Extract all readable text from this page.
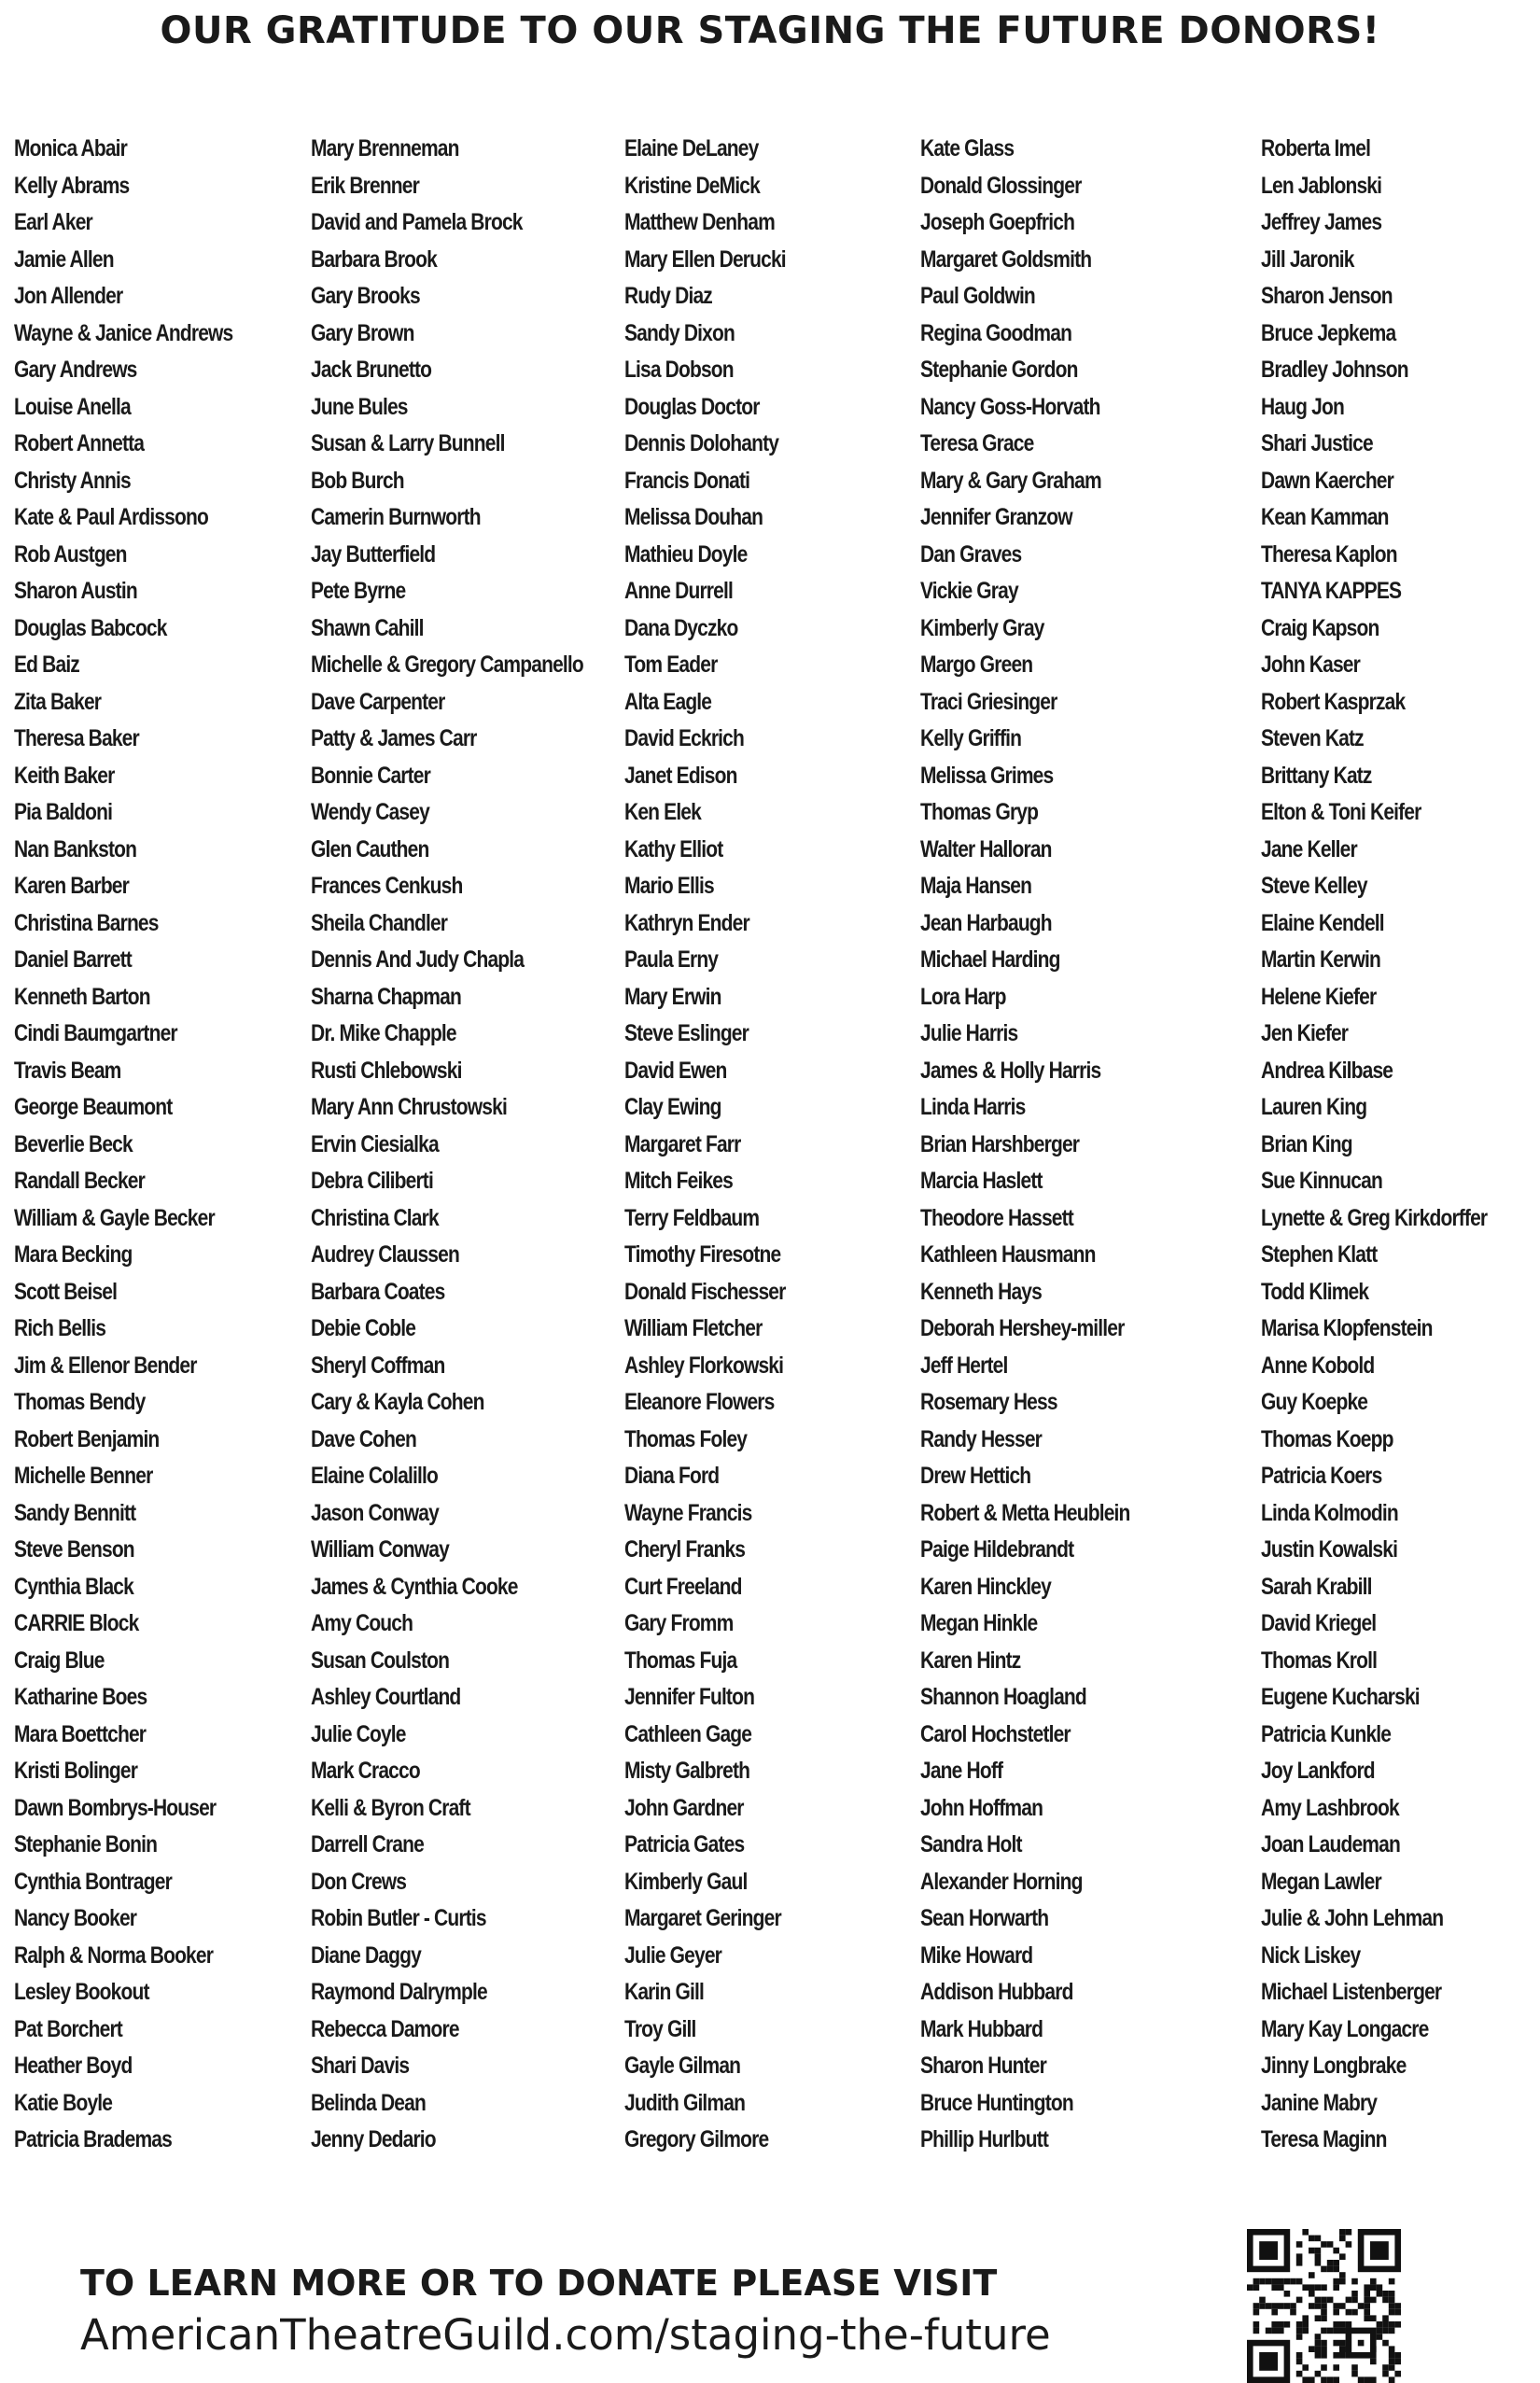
OUR GRATITUDE TO OUR STAGING THE FUTURE DONORS!
Monica Abair
Kelly Abrams
Earl Aker
Jamie Allen
Jon Allender
Wayne & Janice Andrews
Gary Andrews
Louise Anella
Robert Annetta
Christy Annis
Kate & Paul Ardissono
Rob Austgen
Sharon Austin
Douglas Babcock
Ed Baiz
Zita Baker
Theresa Baker
Keith Baker
Pia Baldoni
Nan Bankston
Karen Barber
Christina Barnes
Daniel Barrett
Kenneth Barton
Cindi Baumgartner
Travis Beam
George Beaumont
Beverlie Beck
Randall Becker
William & Gayle Becker
Mara Becking
Scott Beisel
Rich Bellis
Jim & Ellenor Bender
Thomas Bendy
Robert Benjamin
Michelle Benner
Sandy Bennitt
Steve Benson
Cynthia Black
CARRIE Block
Craig Blue
Katharine Boes
Mara Boettcher
Kristi Bolinger
Dawn Bombrys-Houser
Stephanie Bonin
Cynthia Bontrager
Nancy Booker
Ralph & Norma Booker
Lesley Bookout
Pat Borchert
Heather Boyd
Katie Boyle
Patricia Brademas
Mary Brenneman
Erik Brenner
David and Pamela Brock
Barbara Brook
Gary Brooks
Gary Brown
Jack Brunetto
June Bules
Susan & Larry Bunnell
Bob Burch
Camerin Burnworth
Jay Butterfield
Pete Byrne
Shawn Cahill
Michelle & Gregory Campanello
Dave Carpenter
Patty & James Carr
Bonnie Carter
Wendy Casey
Glen Cauthen
Frances Cenkush
Sheila Chandler
Dennis And Judy Chapla
Sharna Chapman
Dr. Mike Chapple
Rusti Chlebowski
Mary Ann Chrustowski
Ervin Ciesialka
Debra Ciliberti
Christina Clark
Audrey Claussen
Barbara Coates
Debie Coble
Sheryl Coffman
Cary & Kayla Cohen
Dave Cohen
Elaine Colalillo
Jason Conway
William Conway
James & Cynthia Cooke
Amy Couch
Susan Coulston
Ashley Courtland
Julie Coyle
Mark Cracco
Kelli & Byron Craft
Darrell Crane
Don Crews
Robin Butler - Curtis
Diane Daggy
Raymond Dalrymple
Rebecca Damore
Shari Davis
Belinda Dean
Jenny Dedario
Elaine DeLaney
Kristine DeMick
Matthew Denham
Mary Ellen Derucki
Rudy Diaz
Sandy Dixon
Lisa Dobson
Douglas Doctor
Dennis Dolohanty
Francis Donati
Melissa Douhan
Mathieu Doyle
Anne Durrell
Dana Dyczko
Tom Eader
Alta Eagle
David Eckrich
Janet Edison
Ken Elek
Kathy Elliot
Mario Ellis
Kathryn Ender
Paula Erny
Mary Erwin
Steve Eslinger
David Ewen
Clay Ewing
Margaret Farr
Mitch Feikes
Terry Feldbaum
Timothy Firesotne
Donald Fischesser
William Fletcher
Ashley Florkowski
Eleanore Flowers
Thomas Foley
Diana Ford
Wayne Francis
Cheryl Franks
Curt Freeland
Gary Fromm
Thomas Fuja
Jennifer Fulton
Cathleen Gage
Misty Galbreth
John Gardner
Patricia Gates
Kimberly Gaul
Margaret Geringer
Julie Geyer
Karin Gill
Troy Gill
Gayle Gilman
Judith Gilman
Gregory Gilmore
Kate Glass
Donald Glossinger
Joseph Goepfrich
Margaret Goldsmith
Paul Goldwin
Regina Goodman
Stephanie Gordon
Nancy Goss-Horvath
Teresa Grace
Mary & Gary Graham
Jennifer Granzow
Dan Graves
Vickie Gray
Kimberly Gray
Margo Green
Traci Griesinger
Kelly Griffin
Melissa Grimes
Thomas Gryp
Walter Halloran
Maja Hansen
Jean Harbaugh
Michael Harding
Lora Harp
Julie Harris
James & Holly Harris
Linda Harris
Brian Harshberger
Marcia Haslett
Theodore Hassett
Kathleen Hausmann
Kenneth Hays
Deborah Hershey-miller
Jeff Hertel
Rosemary Hess
Randy Hesser
Drew Hettich
Robert & Metta Heublein
Paige Hildebrandt
Karen Hinckley
Megan Hinkle
Karen Hintz
Shannon Hoagland
Carol Hochstetler
Jane Hoff
John Hoffman
Sandra Holt
Alexander Horning
Sean Horwarth
Mike Howard
Addison Hubbard
Mark Hubbard
Sharon Hunter
Bruce Huntington
Phillip Hurlbutt
Roberta Imel
Len Jablonski
Jeffrey James
Jill Jaronik
Sharon Jenson
Bruce Jepkema
Bradley Johnson
Haug Jon
Shari Justice
Dawn Kaercher
Kean Kamman
Theresa Kaplon
TANYA KAPPES
Craig Kapson
John Kaser
Robert Kasprzak
Steven Katz
Brittany Katz
Elton & Toni Keifer
Jane Keller
Steve Kelley
Elaine Kendell
Martin Kerwin
Helene Kiefer
Jen Kiefer
Andrea Kilbase
Lauren King
Brian King
Sue Kinnucan
Lynette & Greg Kirkdorffer
Stephen Klatt
Todd Klimek
Marisa Klopfenstein
Anne Kobold
Guy Koepke
Thomas Koepp
Patricia Koers
Linda Kolmodin
Justin Kowalski
Sarah Krabill
David Kriegel
Thomas Kroll
Eugene Kucharski
Patricia Kunkle
Joy Lankford
Amy Lashbrook
Joan Laudeman
Megan Lawler
Julie & John Lehman
Nick Liskey
Michael Listenberger
Mary Kay Longacre
Jinny Longbrake
Janine Mabry
Teresa Maginn
TO LEARN MORE OR TO DONATE PLEASE VISIT
AmericanTheatreGuild.com/staging-the-future
